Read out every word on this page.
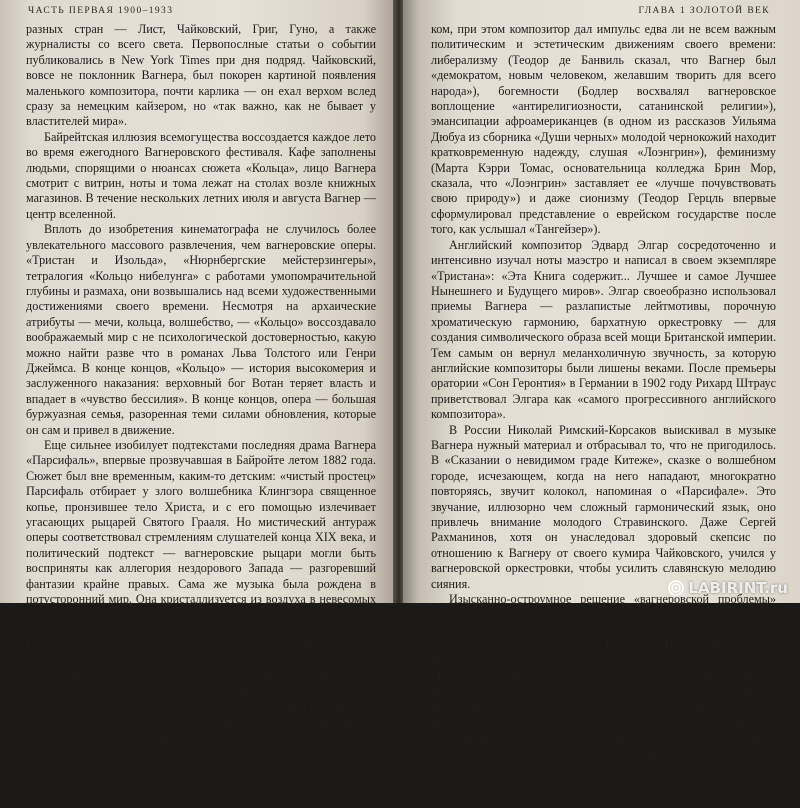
ЧАСТЬ ПЕРВАЯ 1900–1933

разных стран — Лист, Чайковский, Григ, Гуно, а также журналисты со всего света. Первопослные статьи о событии публиковались в New York Times при дня подряд. Чайковский, вовсе не поклонник Вагнера, был покорен картиной появления маленького композитора, почти карлика — он ехал верхом вслед сразу за немецким кайзером, но «так важно, как не бывает у властителей мира».

Байрейтская иллюзия всемогущества воссоздается каждое лето во время ежегодного Вагнеровского фестиваля. Кафе заполнены людьми, спорящими о нюансах сюжета «Кольца», лицо Вагнера смотрит с витрин, ноты и тома лежат на столах возле книжных магазинов. В течение нескольких летних июля и августа Вагнер — центр вселенной.

Вплоть до изобретения кинематографа не случилось более увлекательного массового развлечения, чем вагнеровские оперы. «Тристан и Изольда», «Нюрнбергские мейстерзингеры», тетралогия «Кольцо нибелунга» с работами умопомрачительной глубины и размаха, они возвышались над всеми художественными достижениями своего времени. Несмотря на архаические атрибуты — мечи, кольца, волшебство, — «Кольцо» воссоздавало воображаемый мир с не психологической достоверностью, какую можно найти разве что в романах Льва Толстого или Генри Джеймса. В конце концов, «Кольцо» — история высокомерия и заслуженного наказания: верховный бог Вотан теряет власть и впадает в «чувство бессилия». В конце концов, опера — большая буржуазная семья, разоренная теми силами обновления, которые он сам и привел в движение.

Еще сильнее изобилует подтекстами последняя драма Вагнера «Парсифаль», впервые прозвучавшая в Байройте летом 1882 года. Сюжет был вне временным, каким-то детским: «чистый простец» Парсифаль отбирает у злого волшебника Клингзора священное копье, пронзившее тело Христа, и с его помощью излечивает угасающих рыцарей Святого Грааля. Но мистический антураж оперы соответствовал стремлениям слушателей конца XIX века, и политический подтекст — вагнеровские рыцари могли быть восприняты как аллегория нездорового Запада — разгоревший фантазии крайне правых. Сама же музыка была рождена в потусторонний мир. Она кристаллизуется из воздуха в невесомых формах, превращается в скалы и снова тает. «Здесь время становится пространством», — говорит мудрый рыцарь Гурнеманц, ведущий Парсифаля по дороге к замку Грааля, и над оркестром гипнотически звучит колокол.

К 1906 году, через 23 года после смерти, Вагнер превратился в колосса, чье влияние чувствовалось уже не только в музыке, но и в литературе, театре и изобразительном искусстве. Выспренные молодые люди зачитывали его либретто — так американские студенты позже декламировали Боба Дилана. Антисемиты и ультранационалисты считали Вагнера своим проро-

ГЛАВА 1 ЗОЛОТОЙ ВЕК

ком, при этом композитор дал импульс едва ли не всем важным политическим и эстетическим движениям своего времени: либерализму (Теодор де Банвиль сказал, что Вагнер был «демократом, новым человеком, желавшим творить для всего народа»), богемности (Бодлер восхвалял вагнеровское воплощение «антирелигиозности, сатанинской религии»), эмансипации афроамериканцев (в одном из рассказов Уильяма Дюбуа из сборника «Души черных» молодой чернокожий находит кратковременную надежду, слушая «Лоэнгрин»), феминизму (Марта Кэрри Томас, основательница колледжа Брин Мор, сказала, что «Лоэнгрин» заставляет ее «лучше почувствовать свою природу») и даже сионизму (Теодор Герцль впервые сформулировал представление о еврейском государстве после того, как услышал «Тангейзер»).

Английский композитор Эдвард Элгар сосредоточенно и интенсивно изучал ноты маэстро и написал в своем экземпляре «Тристана»: «Эта Книга содержит... Лучшее и самое Лучшее Нынешнего и Будущего миров». Элгар своеобразно использовал приемы Вагнера — разлапистые лейтмотивы, порочную хроматическую гармонию, бархатную оркестровку — для создания символического образа всей мощи Британской империи. Тем самым он вернул меланхоличную звучность, за которую английские композиторы были лишены веками. После премьеры оратории «Сон Геронтия» в Германии в 1902 году Рихард Штраус приветствовал Элгара как «самого прогрессивного английского композитора».

В России Николай Римский-Корсаков выискивал в музыке Вагнера нужный материал и отбрасывал то, что не пригодилось. В «Сказании о невидимом граде Китеже», сказке о волшебном городе, исчезающем, когда на него нападают, многократно повторяясь, звучит колокол, напоминая о «Парсифале». Это звучание, иллюзорно чем сложный гармонический язык, оно привлечь внимание молодого Стравинского. Даже Сергей Рахманинов, хотя он унаследовал здоровый скепсис по отношению к Вагнеру от своего кумира Чайковского, учился у вагнеровской оркестровки, чтобы усилить славянскую мелодию сияния.

Изысканно-остроумное решение «вагнеровской проблемы» предложил Пуччини. Как и многие представители этого поколения, он отказался от мистических сюжетов вроде тех, что использованы в «Парсифале». Вместе с Пьетро Масканьи и Руджеро Леонкавалло, авторами опер «Сельская честь» и «Паяцы», Пуччини следовал в сторону нового направления — веризма, или «веристской оперы» — в которой вагнеровские интонации сочетались с кроваво-мелодраматической оркестровкой, а сцену заполняли беспросветно своеобразные современные персонажи: проститутки, разбойники, беспризорники, ревнивый клоун. На первый взгляд, в зрелых операх Пуччини о Вагнере практически ничего не напоминает. Влияние полностью скрыто: вы чувствуете его в том, как мелодия возникает из оркестровой фактуры, как

LABIRINT.ru
